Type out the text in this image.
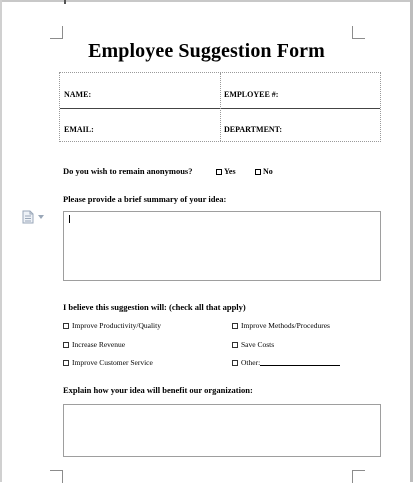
Employee Suggestion Form
NAME:	EMPLOYEE #:
EMAIL:	DEPARTMENT:
Do you wish to remain anonymous?	Yes	No
Please provide a brief summary of your idea:
I believe this suggestion will: (check all that apply)
Improve Productivity/Quality	Improve Methods/Procedures
Increase Revenue	Save Costs
Improve Customer Service	Other:
Explain how your idea will benefit our organization:
